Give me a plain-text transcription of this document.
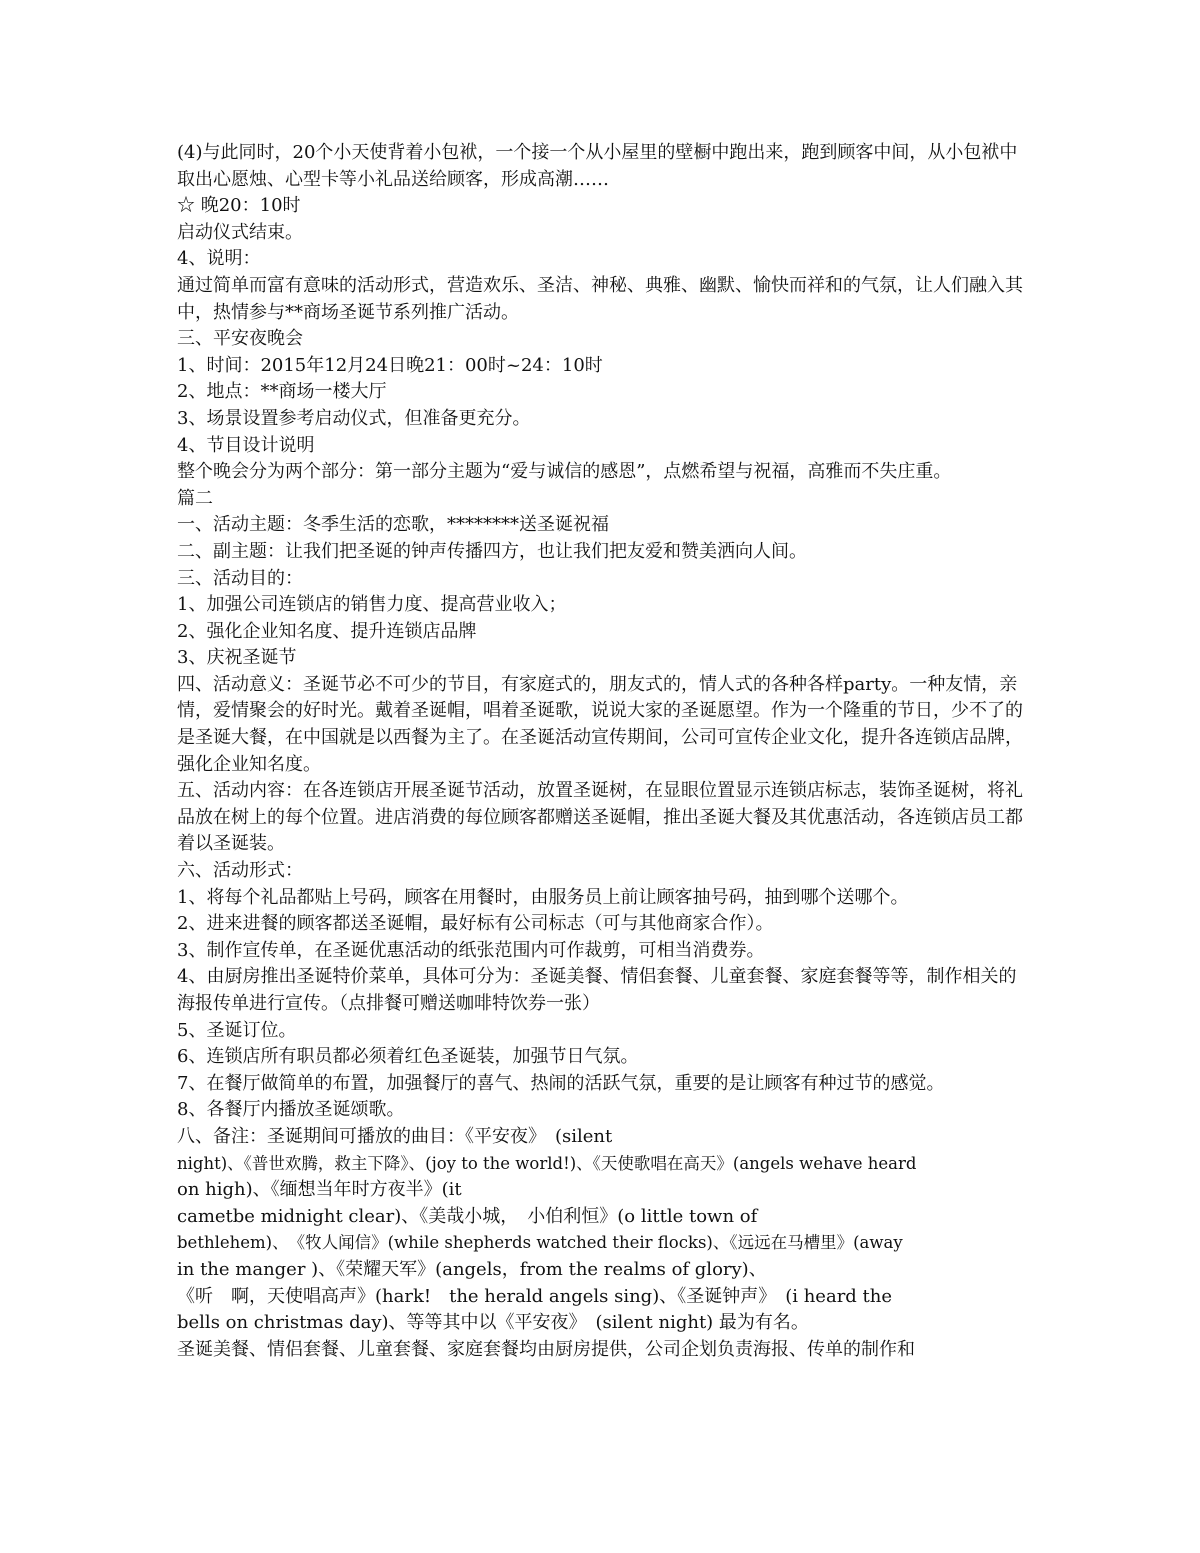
(4)与此同时，20个小天使背着小包袱，一个接一个从小屋里的壁橱中跑出来，跑到顾客中间，从小包袱中取出心愿烛、心型卡等小礼品送给顾客，形成高潮……

☆ 晚20：10时

启动仪式结束。

4、说明：

通过简单而富有意味的活动形式，营造欢乐、圣洁、神秘、典雅、幽默、愉快而祥和的气氛，让人们融入其中，热情参与**商场圣诞节系列推广活动。

三、平安夜晚会

1、时间：2015年12月24日晚21：00时~24：10时

2、地点：**商场一楼大厅

3、场景设置参考启动仪式，但准备更充分。

4、节目设计说明

整个晚会分为两个部分：第一部分主题为“爱与诚信的感恩”，点燃希望与祝福，高雅而不失庄重。

篇二

一、活动主题：冬季生活的恋歌，********送圣诞祝福

二、副主题：让我们把圣诞的钟声传播四方，也让我们把友爱和赞美洒向人间。

三、活动目的：

1、加强公司连锁店的销售力度、提高营业收入；

2、强化企业知名度、提升连锁店品牌

3、庆祝圣诞节

四、活动意义：圣诞节必不可少的节目，有家庭式的，朋友式的，情人式的各种各样party。一种友情，亲情，爱情聚会的好时光。戴着圣诞帽，唱着圣诞歌，说说大家的圣诞愿望。作为一个隆重的节日，少不了的是圣诞大餐，在中国就是以西餐为主了。在圣诞活动宣传期间，公司可宣传企业文化，提升各连锁店品牌，强化企业知名度。

五、活动内容：在各连锁店开展圣诞节活动，放置圣诞树，在显眼位置显示连锁店标志，装饰圣诞树，将礼品放在树上的每个位置。进店消费的每位顾客都赠送圣诞帽，推出圣诞大餐及其优惠活动，各连锁店员工都着以圣诞装。

六、活动形式：

1、将每个礼品都贴上号码，顾客在用餐时，由服务员上前让顾客抽号码，抽到哪个送哪个。

2、进来进餐的顾客都送圣诞帽，最好标有公司标志（可与其他商家合作）。

3、制作宣传单，在圣诞优惠活动的纸张范围内可作裁剪，可相当消费券。

4、由厨房推出圣诞特价菜单，具体可分为：圣诞美餐、情侣套餐、儿童套餐、家庭套餐等等，制作相关的海报传单进行宣传。（点排餐可赠送咖啡特饮券一张）

5、圣诞订位。

6、连锁店所有职员都必须着红色圣诞装，加强节日气氛。

7、在餐厅做简单的布置，加强餐厅的喜气、热闹的活跃气氛，重要的是让顾客有种过节的感觉。

8、各餐厅内播放圣诞颂歌。

八、备注：圣诞期间可播放的曲目：《平安夜》　(silent
night)、《普世欢腾，救主下降》、(joy to the world!)、《天使歌唱在高天》(angels wehave heard
on high)、《缅想当年时方夜半》(it
cametbe midnight clear)、《美哉小城，　小伯利恒》(o little town of
bethlehem)、　《牧人闻信》(while shepherds watched their flocks)、《远远在马槽里》(away
in the manger )、《荣耀天军》(angels，from the realms of glory)、
《听　啊，天使唱高声》(hark!　the herald angels sing)、《圣诞钟声》　(i heard the
bells on christmas day)、等等其中以《平安夜》　(silent night) 最为有名。

圣诞美餐、情侣套餐、儿童套餐、家庭套餐均由厨房提供，公司企划负责海报、传单的制作和
